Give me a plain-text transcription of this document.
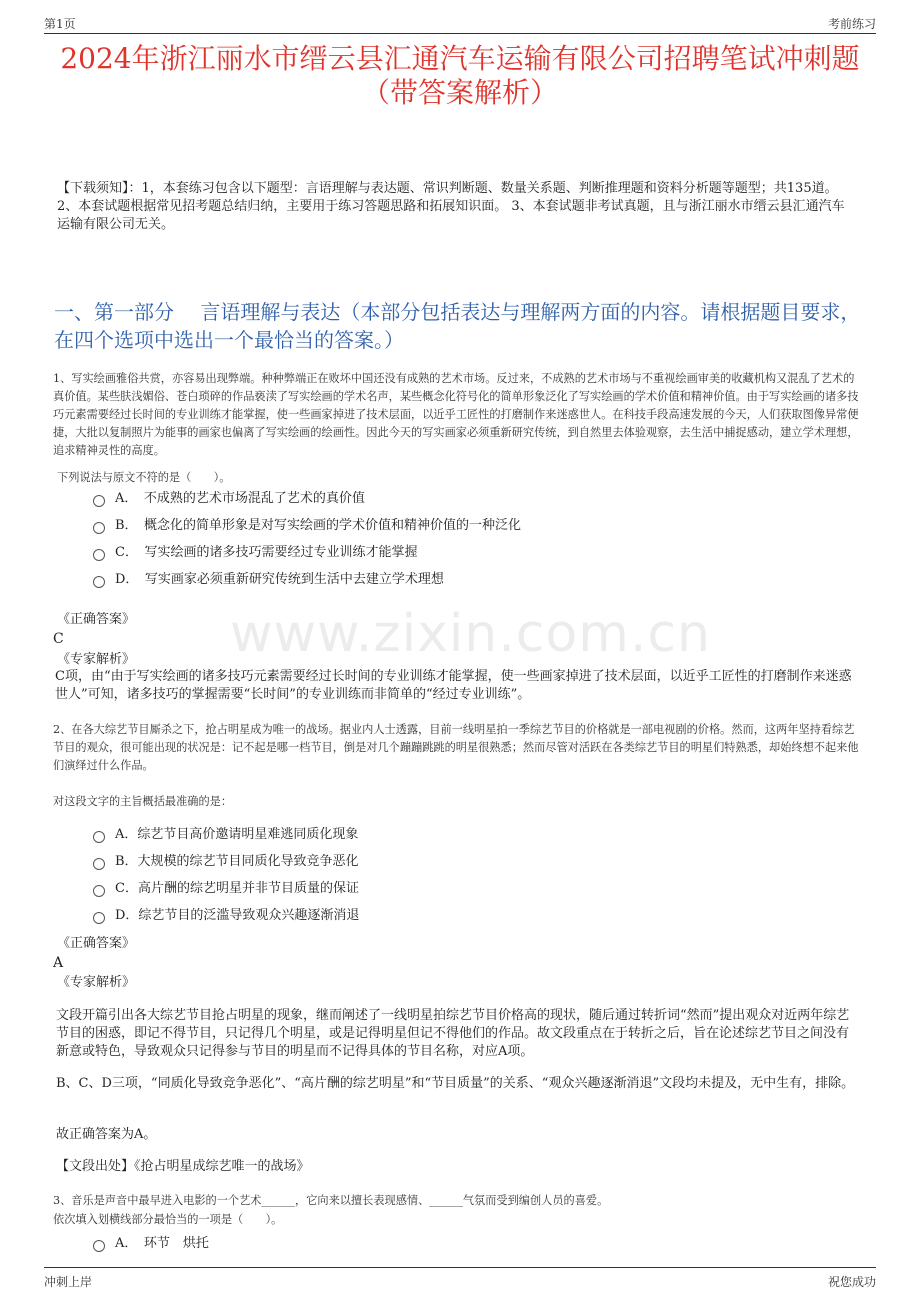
第1页	考前练习
www.zixin.com.cn
2024年浙江丽水市缙云县汇通汽车运输有限公司招聘笔试冲刺题（带答案解析）
【下载须知】：1，本套练习包含以下题型：言语理解与表达题、常识判断题、数量关系题、判断推理题和资料分析题等题型；共135道。 2、本套试题根据常见招考题总结归纳，主要用于练习答题思路和拓展知识面。 3、本套试题非考试真题，且与浙江丽水市缙云县汇通汽车运输有限公司无关。
一、第一部分　 言语理解与表达（本部分包括表达与理解两方面的内容。请根据题目要求，在四个选项中选出一个最恰当的答案。）
1、写实绘画雅俗共赏，亦容易出现弊端。种种弊端正在败坏中国还没有成熟的艺术市场。反过来，不成熟的艺术市场与不重视绘画审美的收藏机构又混乱了艺术的真价值。某些肤浅媚俗、苍白琐碎的作品亵渎了写实绘画的学术名声，某些概念化符号化的简单形象泛化了写实绘画的学术价值和精神价值。由于写实绘画的诸多技巧元素需要经过长时间的专业训练才能掌握，使一些画家掉进了技术层面，以近乎工匠性的打磨制作来迷惑世人。在科技手段高速发展的今天，人们获取图像异常便捷，大批以复制照片为能事的画家也偏离了写实绘画的绘画性。因此今天的写实画家必须重新研究传统，到自然里去体验观察，去生活中捕捉感动，建立学术理想，追求精神灵性的高度。
下列说法与原文不符的是（　　）。
A．　不成熟的艺术市场混乱了艺术的真价值
B．　概念化的简单形象是对写实绘画的学术价值和精神价值的一种泛化
C．　写实绘画的诸多技巧需要经过专业训练才能掌握
D．　写实画家必须重新研究传统到生活中去建立学术理想
《正确答案》
C
《专家解析》
C项，由“由于写实绘画的诸多技巧元素需要经过长时间的专业训练才能掌握，使一些画家掉进了技术层面，以近乎工匠性的打磨制作来迷惑世人”可知，诸多技巧的掌握需要“长时间”的专业训练而非简单的“经过专业训练”。
2、在各大综艺节目厮杀之下，抢占明星成为唯一的战场。据业内人士透露，目前一线明星拍一季综艺节目的价格就是一部电视剧的价格。然而，这两年坚持看综艺节目的观众，很可能出现的状况是：记不起是哪一档节目，倒是对几个蹦蹦跳跳的明星很熟悉；然而尽管对活跃在各类综艺节目的明星们特熟悉，却始终想不起来他们演绎过什么作品。
对这段文字的主旨概括最准确的是：
A．综艺节目高价邀请明星难逃同质化现象
B．大规模的综艺节目同质化导致竞争恶化
C．高片酬的综艺明星并非节目质量的保证
D．综艺节目的泛滥导致观众兴趣逐渐消退
《正确答案》
A
《专家解析》
文段开篇引出各大综艺节目抢占明星的现象，继而阐述了一线明星拍综艺节目价格高的现状，随后通过转折词“然而”提出观众对近两年综艺节目的困惑，即记不得节目，只记得几个明星，或是记得明星但记不得他们的作品。故文段重点在于转折之后，旨在论述综艺节目之间没有新意或特色，导致观众只记得参与节目的明星而不记得具体的节目名称，对应A项。
B、C、D三项，“同质化导致竞争恶化”、“高片酬的综艺明星”和“节目质量”的关系、“观众兴趣逐渐消退”文段均未提及，无中生有，排除。
故正确答案为A。
【文段出处】《抢占明星成综艺唯一的战场》
3、音乐是声音中最早进入电影的一个艺术______，它向来以擅长表现感情、______气氛而受到编创人员的喜爱。
依次填入划横线部分最恰当的一项是（　　）。
A．　环节　烘托
冲刺上岸	祝您成功
